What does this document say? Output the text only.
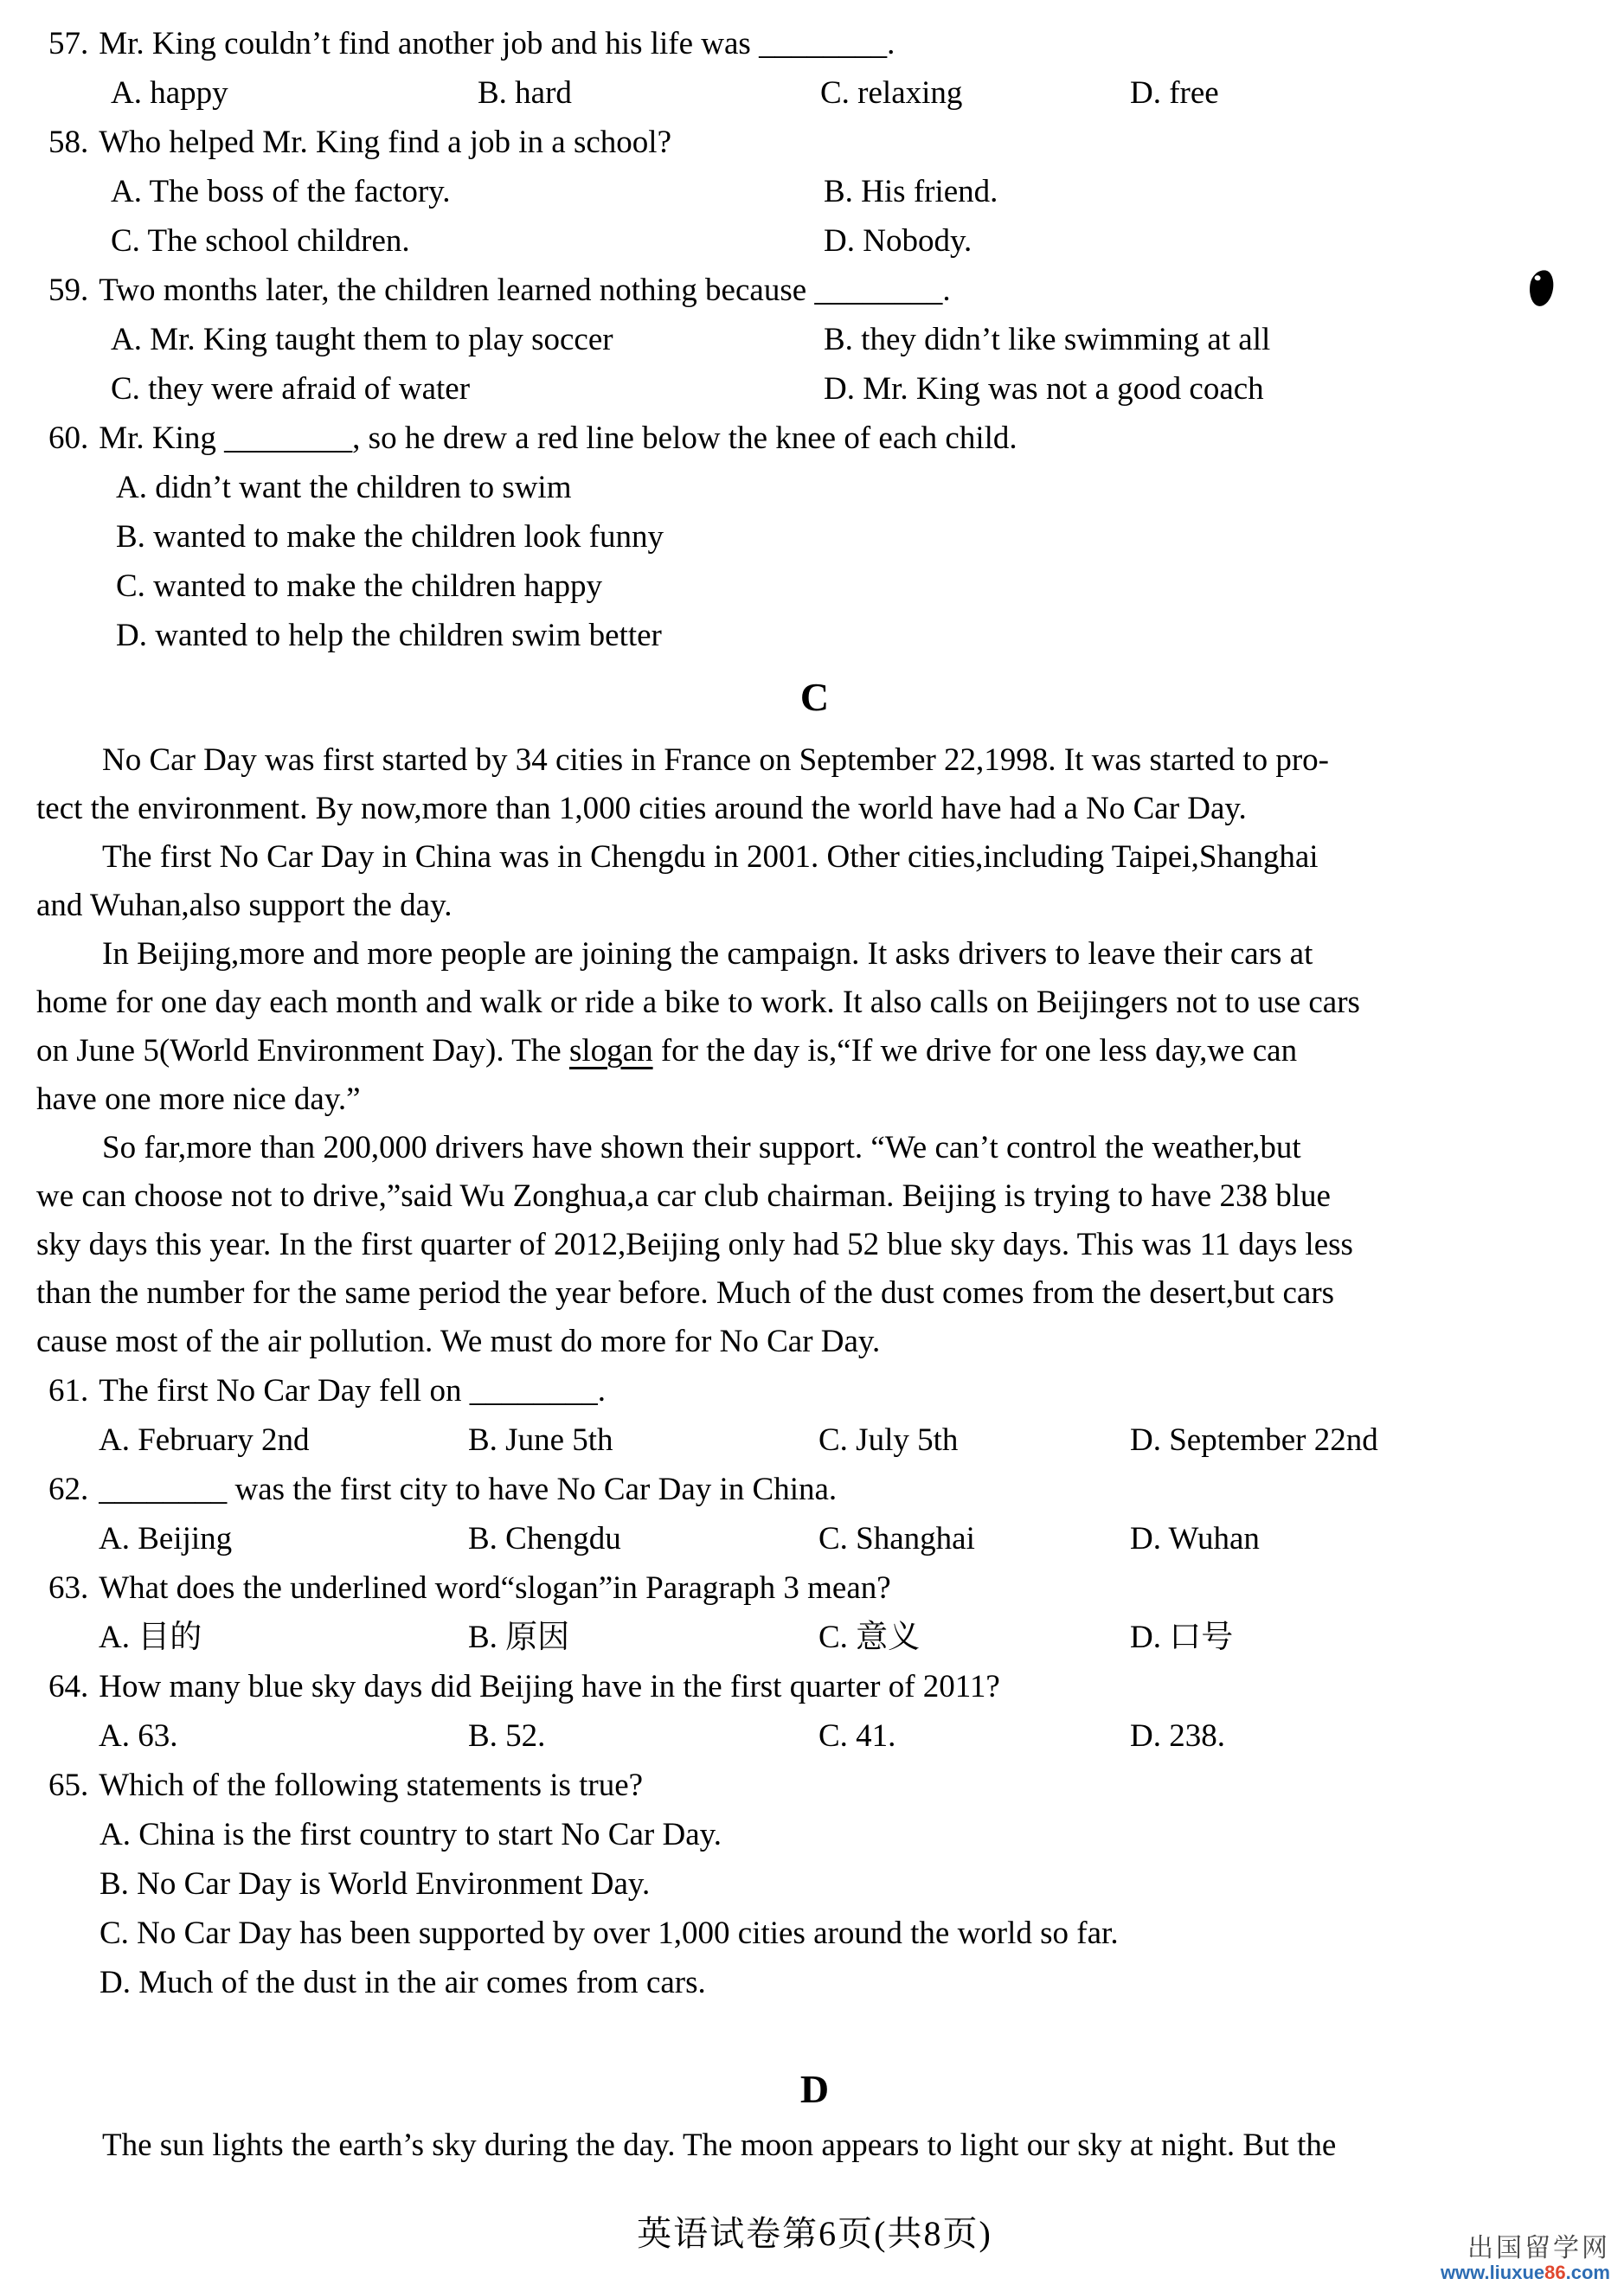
57. Mr. King couldn’t find another job and his life was ________.
A. happy	B. hard	C. relaxing	D. free
58. Who helped Mr. King find a job in a school?
A. The boss of the factory.	B. His friend.
C. The school children.	D. Nobody.
59. Two months later, the children learned nothing because ________.
A. Mr. King taught them to play soccer	B. they didn’t like swimming at all
C. they were afraid of water	D. Mr. King was not a good coach
60. Mr. King ________, so he drew a red line below the knee of each child.
A. didn’t want the children to swim
B. wanted to make the children look funny
C. wanted to make the children happy
D. wanted to help the children swim better
C
No Car Day was first started by 34 cities in France on September 22,1998. It was started to pro-
tect the environment. By now,more than 1,000 cities around the world have had a No Car Day.
The first No Car Day in China was in Chengdu in 2001. Other cities,including Taipei,Shanghai
and Wuhan,also support the day.
In Beijing,more and more people are joining the campaign. It asks drivers to leave their cars at
home for one day each month and walk or ride a bike to work. It also calls on Beijingers not to use cars
on June 5(World Environment Day). The slogan for the day is,“If we drive for one less day,we can
have one more nice day.”
So far,more than 200,000 drivers have shown their support. “We can’t control the weather,but
we can choose not to drive,”said Wu Zonghua,a car club chairman. Beijing is trying to have 238 blue
sky days this year. In the first quarter of 2012,Beijing only had 52 blue sky days. This was 11 days less
than the number for the same period the year before. Much of the dust comes from the desert,but cars
cause most of the air pollution. We must do more for No Car Day.
61. The first No Car Day fell on ________.
A. February 2nd	B. June 5th	C. July 5th	D. September 22nd
62. ________ was the first city to have No Car Day in China.
A. Beijing	B. Chengdu	C. Shanghai	D. Wuhan
63. What does the underlined word“slogan”in Paragraph 3 mean?
A. 目的	B. 原因	C. 意义	D. 口号
64. How many blue sky days did Beijing have in the first quarter of 2011?
A. 63.	B. 52.	C. 41.	D. 238.
65. Which of the following statements is true?
A. China is the first country to start No Car Day.
B. No Car Day is World Environment Day.
C. No Car Day has been supported by over 1,000 cities around the world so far.
D. Much of the dust in the air comes from cars.
D
The sun lights the earth’s sky during the day. The moon appears to light our sky at night. But the
英语试卷第6页(共8页)	出国留学网
www.liuxue86.com
